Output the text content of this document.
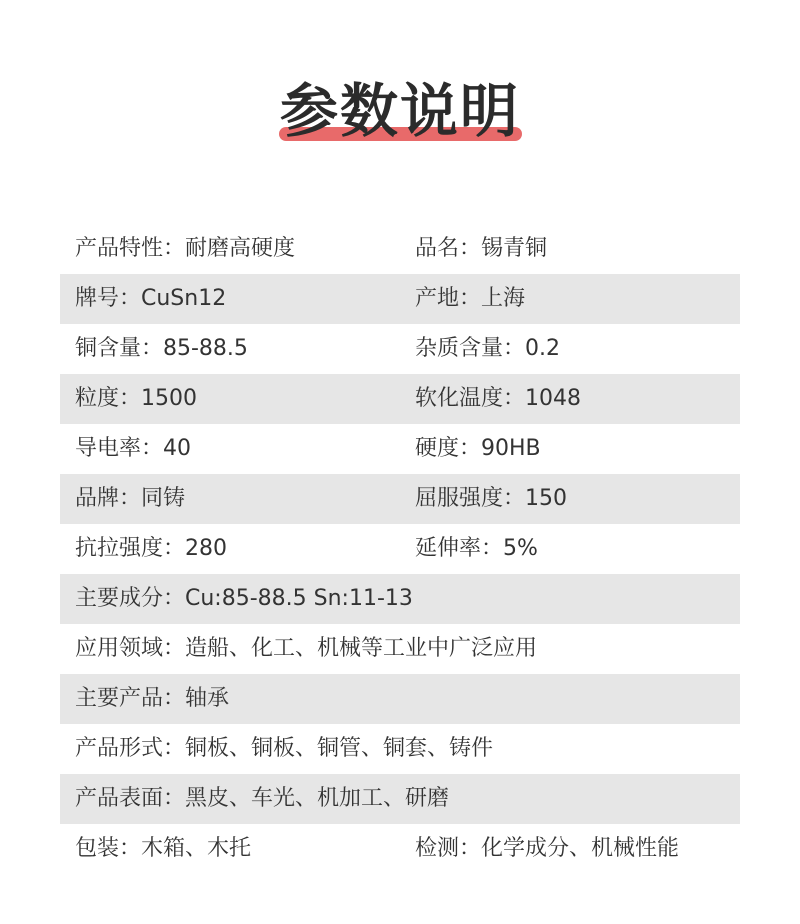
参数说明
产品特性：耐磨高硬度	品名：锡青铜
牌号：CuSn12	产地：上海
铜含量：85-88.5	杂质含量：0.2
粒度：1500	软化温度：1048
导电率：40	硬度：90HB
品牌：同铸	屈服强度：150
抗拉强度：280	延伸率：5%
主要成分：Cu:85-88.5 Sn:11-13
应用领域：造船、化工、机械等工业中广泛应用
主要产品：轴承
产品形式：铜板、铜板、铜管、铜套、铸件
产品表面：黑皮、车光、机加工、研磨
包装：木箱、木托	检测：化学成分、机械性能
